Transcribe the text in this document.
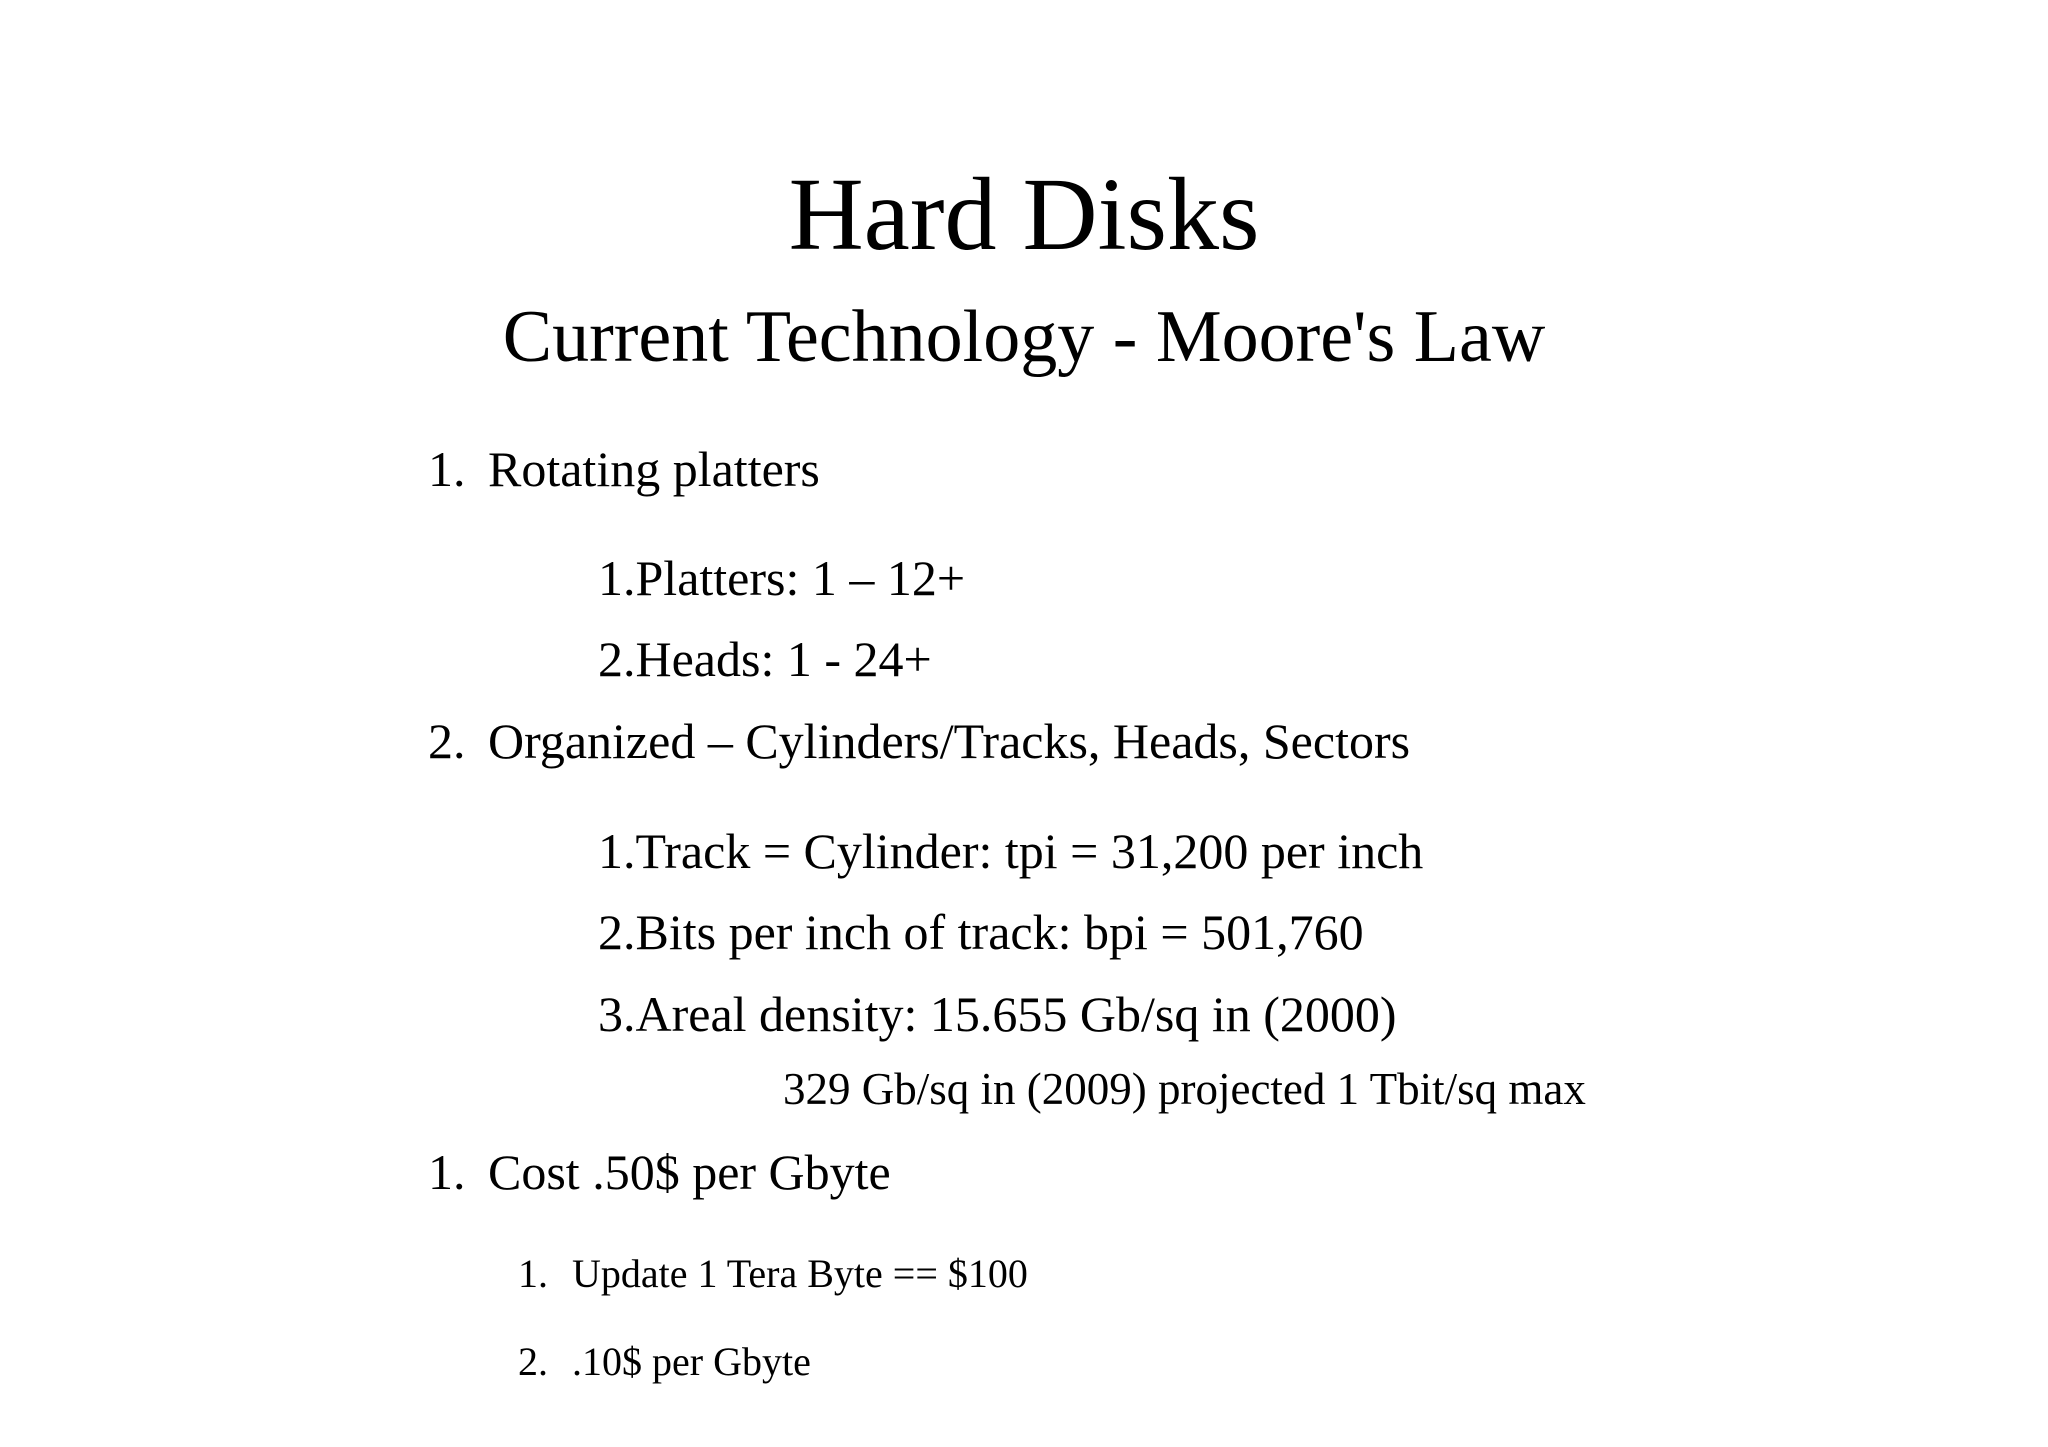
Hard Disks
Current Technology - Moore's Law
1. Rotating platters
1.Platters: 1 – 12+
2.Heads: 1 - 24+
2. Organized – Cylinders/Tracks, Heads, Sectors
1.Track = Cylinder: tpi = 31,200 per inch
2.Bits per inch of track: bpi = 501,760
3.Areal density: 15.655 Gb/sq in (2000)
329 Gb/sq in (2009) projected 1 Tbit/sq max
1. Cost .50$ per Gbyte
1. Update 1 Tera Byte == $100
2. .10$ per Gbyte
